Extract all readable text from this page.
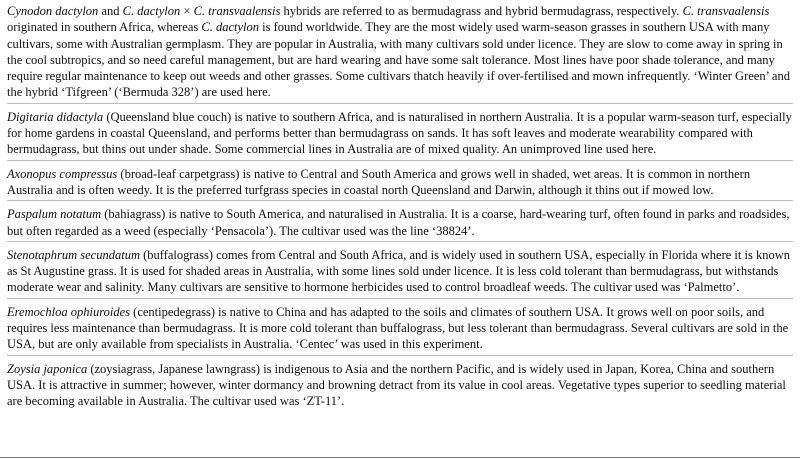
Cynodon dactylon and C. dactylon × C. transvaalensis hybrids are referred to as bermudagrass and hybrid bermudagrass, respectively. C. transvaalensis originated in southern Africa, whereas C. dactylon is found worldwide. They are the most widely used warm-season grasses in southern USA with many cultivars, some with Australian germplasm. They are popular in Australia, with many cultivars sold under licence. They are slow to come away in spring in the cool subtropics, and so need careful management, but are hard wearing and have some salt tolerance. Most lines have poor shade tolerance, and many require regular maintenance to keep out weeds and other grasses. Some cultivars thatch heavily if over-fertilised and mown infrequently. ‘Winter Green’ and the hybrid ‘Tifgreen’ (‘Bermuda 328’) are used here.

Digitaria didactyla (Queensland blue couch) is native to southern Africa, and is naturalised in northern Australia. It is a popular warm-season turf, especially for home gardens in coastal Queensland, and performs better than bermudagrass on sands. It has soft leaves and moderate wearability compared with bermudagrass, but thins out under shade. Some commercial lines in Australia are of mixed quality. An unimproved line used here.

Axonopus compressus (broad-leaf carpetgrass) is native to Central and South America and grows well in shaded, wet areas. It is common in northern Australia and is often weedy. It is the preferred turfgrass species in coastal north Queensland and Darwin, although it thins out if mowed low.

Paspalum notatum (bahiagrass) is native to South America, and naturalised in Australia. It is a coarse, hard-wearing turf, often found in parks and roadsides, but often regarded as a weed (especially ‘Pensacola’). The cultivar used was the line ‘38824’.

Stenotaphrum secundatum (buffalograss) comes from Central and South Africa, and is widely used in southern USA, especially in Florida where it is known as St Augustine grass. It is used for shaded areas in Australia, with some lines sold under licence. It is less cold tolerant than bermudagrass, but withstands moderate wear and salinity. Many cultivars are sensitive to hormone herbicides used to control broadleaf weeds. The cultivar used was ‘Palmetto’.

Eremochloa ophiuroides (centipedegrass) is native to China and has adapted to the soils and climates of southern USA. It grows well on poor soils, and requires less maintenance than bermudagrass. It is more cold tolerant than buffalograss, but less tolerant than bermudagrass. Several cultivars are sold in the USA, but are only available from specialists in Australia. ‘Centec’ was used in this experiment.

Zoysia japonica (zoysiagrass, Japanese lawngrass) is indigenous to Asia and the northern Pacific, and is widely used in Japan, Korea, China and southern USA. It is attractive in summer; however, winter dormancy and browning detract from its value in cool areas. Vegetative types superior to seedling material are becoming available in Australia. The cultivar used was ‘ZT-11’.
